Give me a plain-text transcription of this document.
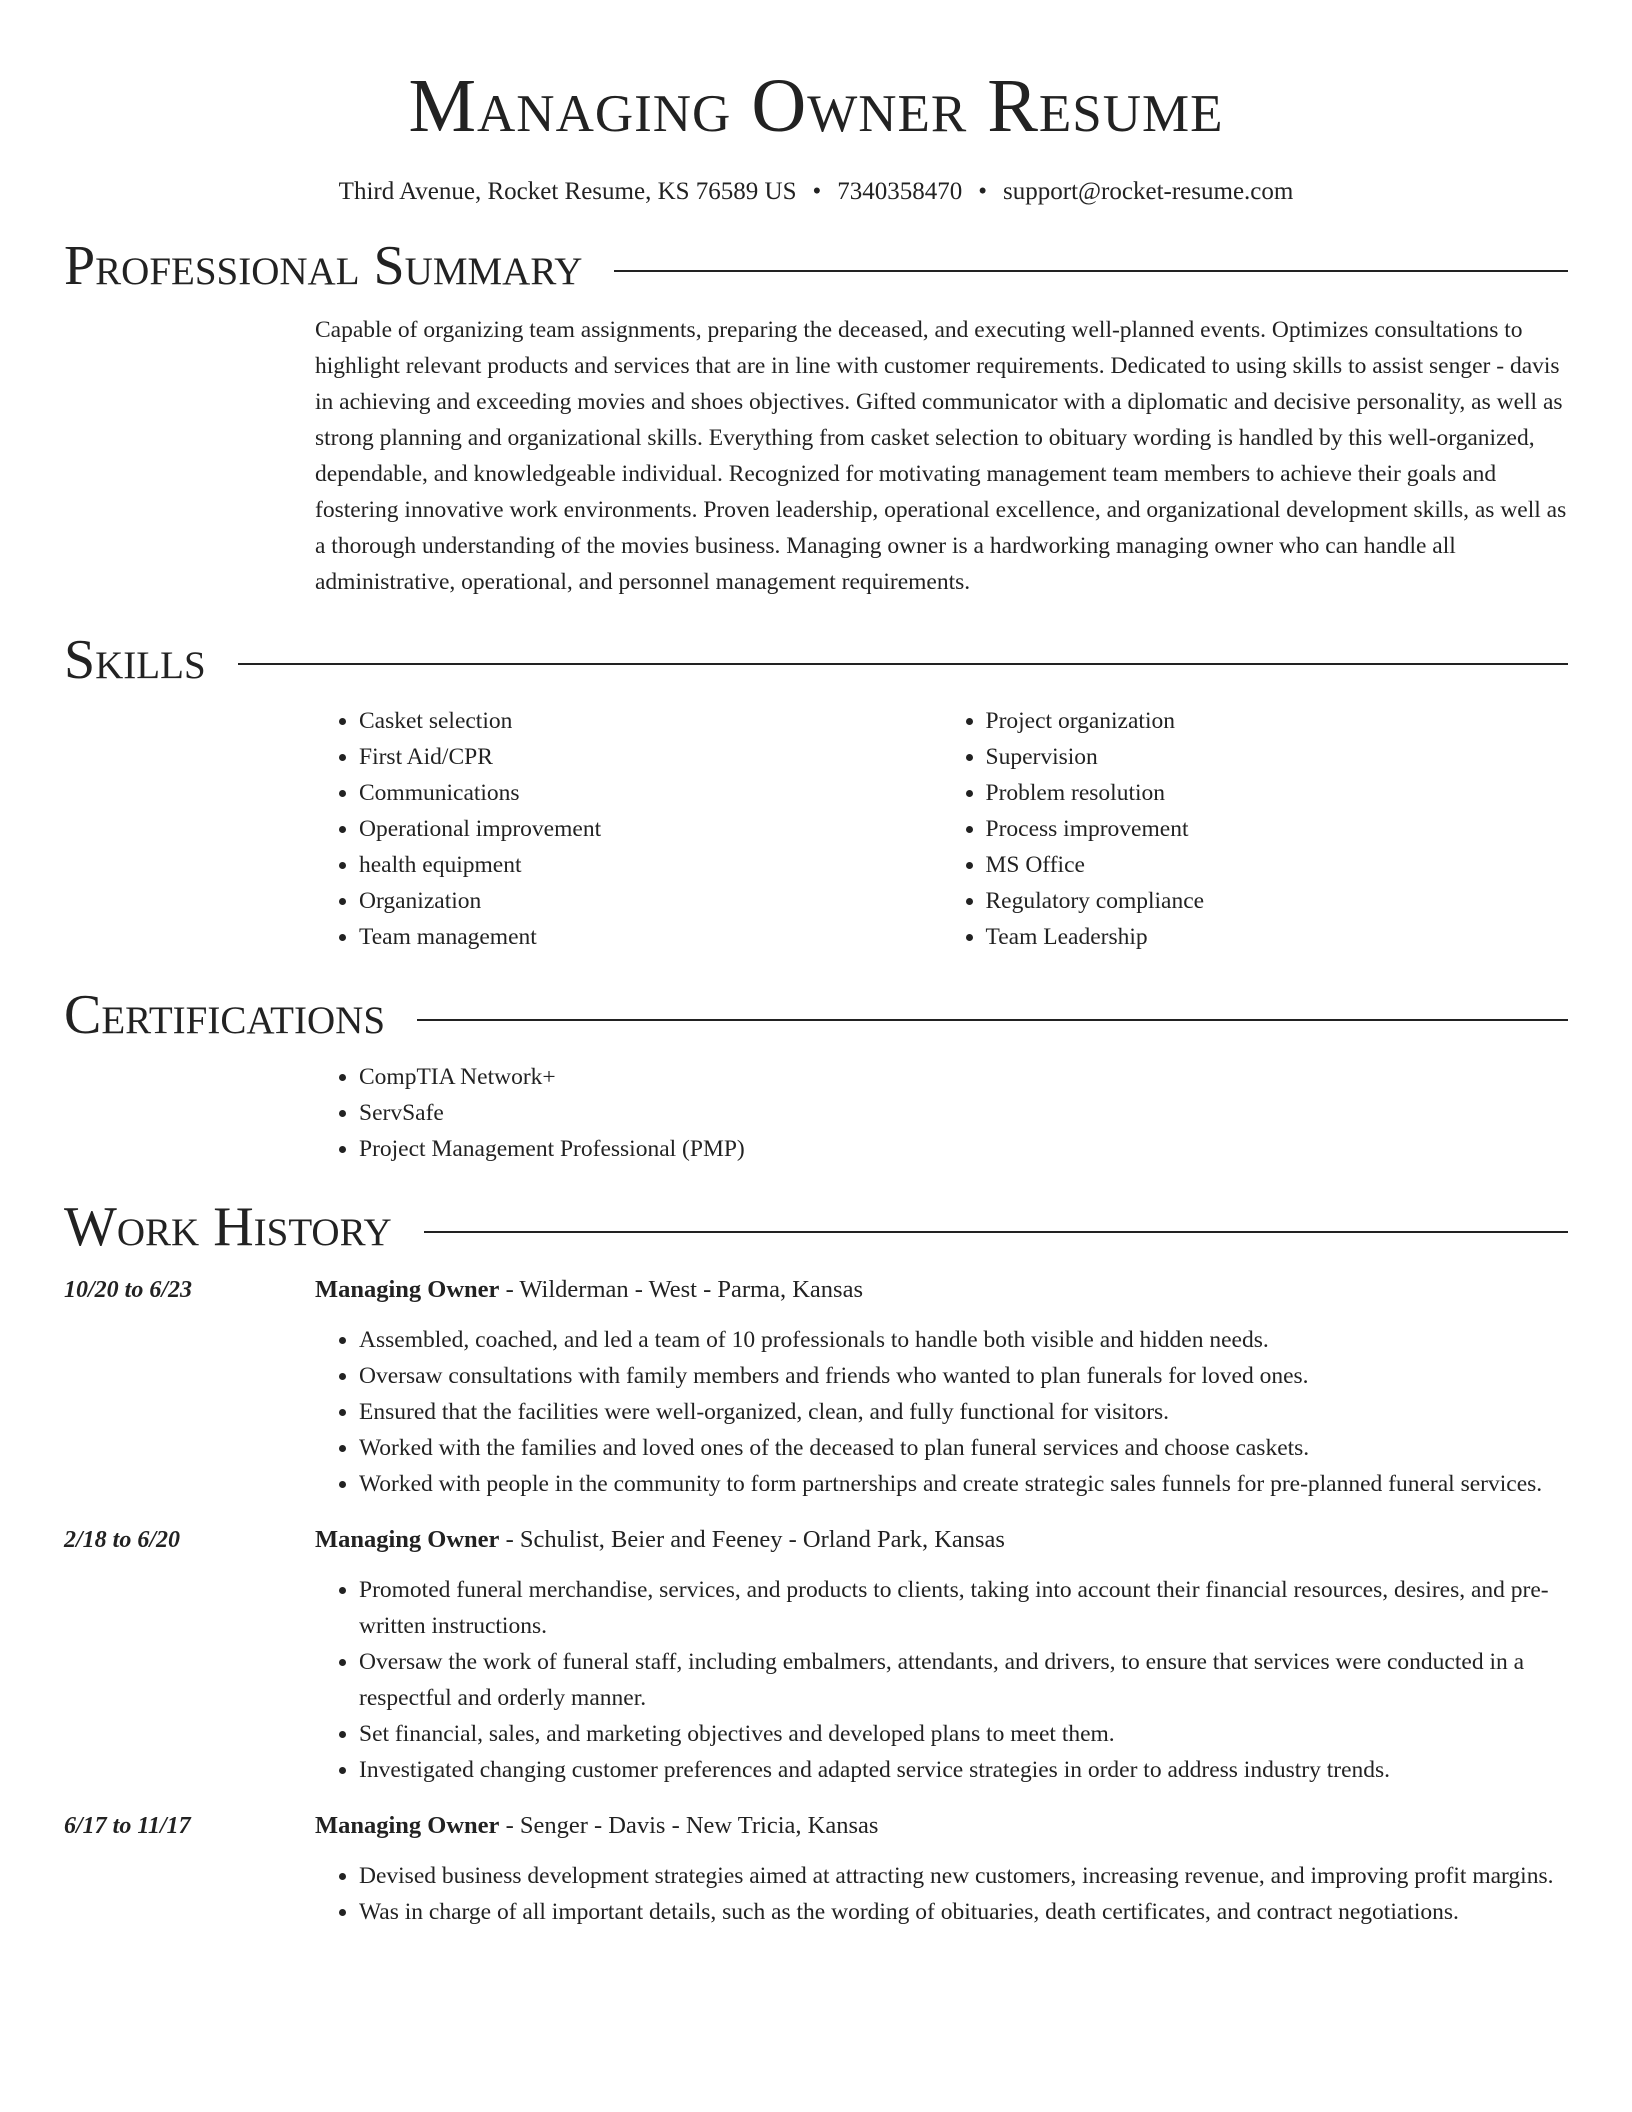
Managing Owner Resume
Third Avenue, Rocket Resume, KS 76589 US • 7340358470 • support@rocket-resume.com
Professional Summary
Capable of organizing team assignments, preparing the deceased, and executing well-planned events. Optimizes consultations to highlight relevant products and services that are in line with customer requirements. Dedicated to using skills to assist senger - davis in achieving and exceeding movies and shoes objectives. Gifted communicator with a diplomatic and decisive personality, as well as strong planning and organizational skills. Everything from casket selection to obituary wording is handled by this well-organized, dependable, and knowledgeable individual. Recognized for motivating management team members to achieve their goals and fostering innovative work environments. Proven leadership, operational excellence, and organizational development skills, as well as a thorough understanding of the movies business. Managing owner is a hardworking managing owner who can handle all administrative, operational, and personnel management requirements.
Skills
• Casket selection
• First Aid/CPR
• Communications
• Operational improvement
• health equipment
• Organization
• Team management
• Project organization
• Supervision
• Problem resolution
• Process improvement
• MS Office
• Regulatory compliance
• Team Leadership
Certifications
• CompTIA Network+
• ServSafe
• Project Management Professional (PMP)
Work History
10/20 to 6/23	Managing Owner - Wilderman - West - Parma, Kansas
• Assembled, coached, and led a team of 10 professionals to handle both visible and hidden needs.
• Oversaw consultations with family members and friends who wanted to plan funerals for loved ones.
• Ensured that the facilities were well-organized, clean, and fully functional for visitors.
• Worked with the families and loved ones of the deceased to plan funeral services and choose caskets.
• Worked with people in the community to form partnerships and create strategic sales funnels for pre-planned funeral services.
2/18 to 6/20	Managing Owner - Schulist, Beier and Feeney - Orland Park, Kansas
• Promoted funeral merchandise, services, and products to clients, taking into account their financial resources, desires, and pre-written instructions.
• Oversaw the work of funeral staff, including embalmers, attendants, and drivers, to ensure that services were conducted in a respectful and orderly manner.
• Set financial, sales, and marketing objectives and developed plans to meet them.
• Investigated changing customer preferences and adapted service strategies in order to address industry trends.
6/17 to 11/17	Managing Owner - Senger - Davis - New Tricia, Kansas
• Devised business development strategies aimed at attracting new customers, increasing revenue, and improving profit margins.
• Was in charge of all important details, such as the wording of obituaries, death certificates, and contract negotiations.
